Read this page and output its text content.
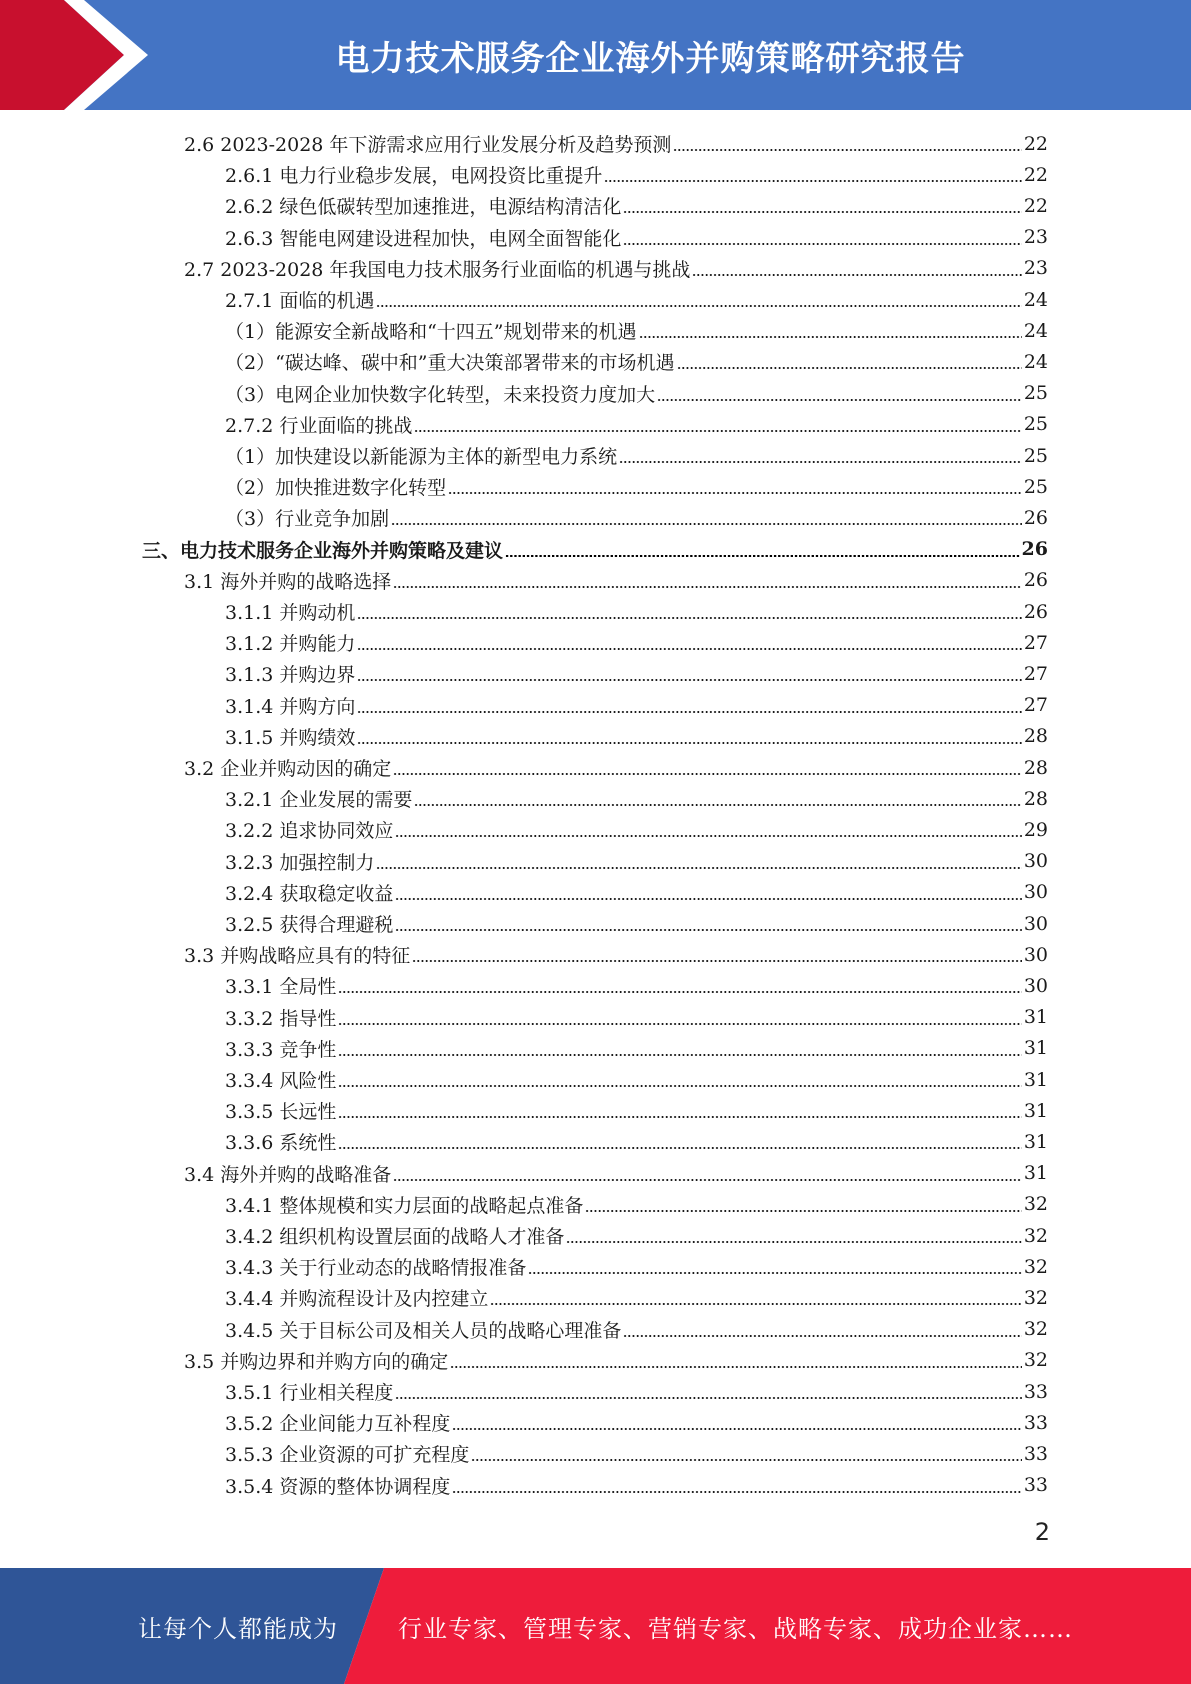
电力技术服务企业海外并购策略研究报告
2.6 2023-2028 年下游需求应用行业发展分析及趋势预测	22
2.6.1 电力行业稳步发展，电网投资比重提升	22
2.6.2 绿色低碳转型加速推进，电源结构清洁化	22
2.6.3 智能电网建设进程加快，电网全面智能化	23
2.7 2023-2028 年我国电力技术服务行业面临的机遇与挑战	23
2.7.1 面临的机遇	24
（1）能源安全新战略和“十四五”规划带来的机遇	24
（2）“碳达峰、碳中和”重大决策部署带来的市场机遇	24
（3）电网企业加快数字化转型，未来投资力度加大	25
2.7.2 行业面临的挑战	25
（1）加快建设以新能源为主体的新型电力系统	25
（2）加快推进数字化转型	25
（3）行业竞争加剧	26
三、电力技术服务企业海外并购策略及建议	26
3.1 海外并购的战略选择	26
3.1.1 并购动机	26
3.1.2 并购能力	27
3.1.3 并购边界	27
3.1.4 并购方向	27
3.1.5 并购绩效	28
3.2 企业并购动因的确定	28
3.2.1 企业发展的需要	28
3.2.2 追求协同效应	29
3.2.3 加强控制力	30
3.2.4 获取稳定收益	30
3.2.5 获得合理避税	30
3.3 并购战略应具有的特征	30
3.3.1 全局性	30
3.3.2 指导性	31
3.3.3 竞争性	31
3.3.4 风险性	31
3.3.5 长远性	31
3.3.6 系统性	31
3.4 海外并购的战略准备	31
3.4.1 整体规模和实力层面的战略起点准备	32
3.4.2 组织机构设置层面的战略人才准备	32
3.4.3 关于行业动态的战略情报准备	32
3.4.4 并购流程设计及内控建立	32
3.4.5 关于目标公司及相关人员的战略心理准备	32
3.5 并购边界和并购方向的确定	32
3.5.1 行业相关程度	33
3.5.2 企业间能力互补程度	33
3.5.3 企业资源的可扩充程度	33
3.5.4 资源的整体协调程度	33
2
让每个人都能成为	行业专家、管理专家、营销专家、战略专家、成功企业家……
